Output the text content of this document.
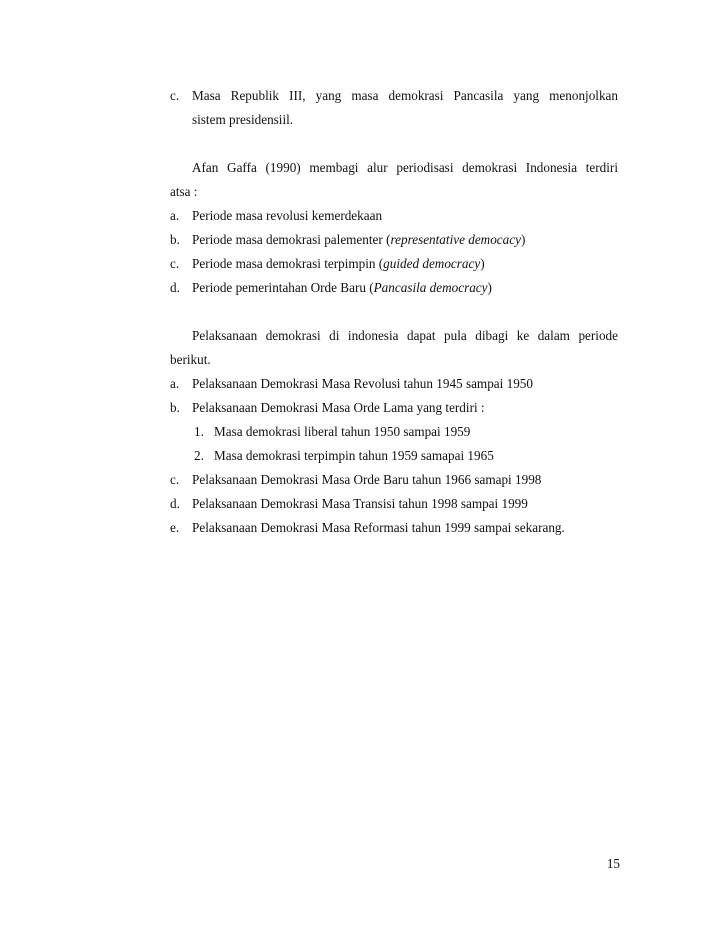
c. Masa Republik III, yang masa demokrasi Pancasila yang menonjolkan
sistem presidensiil.
Afan Gaffa (1990) membagi alur periodisasi demokrasi Indonesia terdiri
atsa :
a. Periode masa revolusi kemerdekaan
b. Periode masa demokrasi palementer (representative democacy)
c. Periode masa demokrasi terpimpin (guided democracy)
d. Periode pemerintahan Orde Baru (Pancasila democracy)
Pelaksanaan demokrasi di indonesia dapat pula dibagi ke dalam periode
berikut.
a. Pelaksanaan Demokrasi Masa Revolusi tahun 1945 sampai 1950
b. Pelaksanaan Demokrasi Masa Orde Lama yang terdiri :
1. Masa demokrasi liberal tahun 1950 sampai 1959
2. Masa demokrasi terpimpin tahun 1959 samapai 1965
c. Pelaksanaan Demokrasi Masa Orde Baru tahun 1966 samapi 1998
d. Pelaksanaan Demokrasi Masa Transisi tahun 1998 sampai 1999
e. Pelaksanaan Demokrasi Masa Reformasi tahun 1999 sampai sekarang.
15
